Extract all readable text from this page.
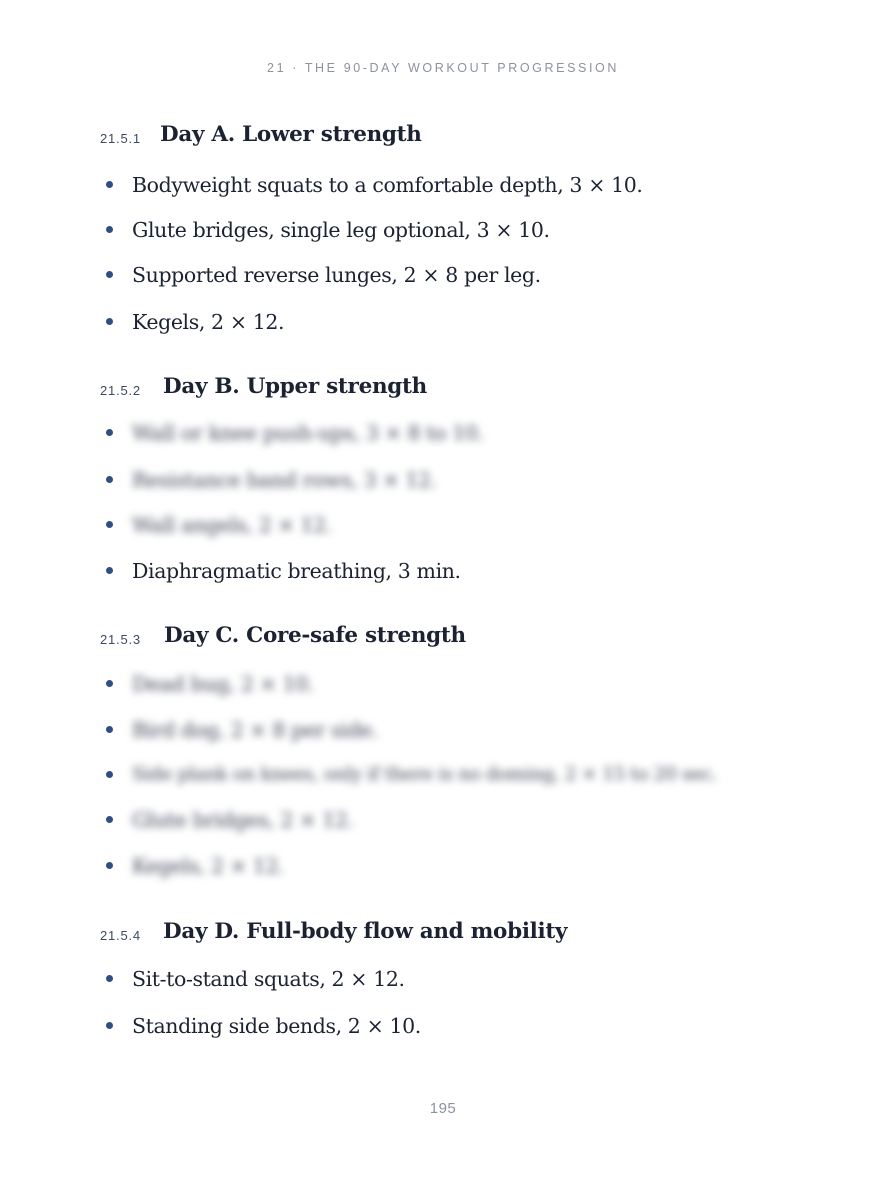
21 · THE 90-DAY WORKOUT PROGRESSION
21.5.1 Day A. Lower strength
Bodyweight squats to a comfortable depth, 3 × 10.
Glute bridges, single leg optional, 3 × 10.
Supported reverse lunges, 2 × 8 per leg.
Kegels, 2 × 12.
21.5.2 Day B. Upper strength
Wall or knee push-ups, 3 × 8 to 10.
Resistance band rows, 3 × 12.
Wall angels, 2 × 12.
Diaphragmatic breathing, 3 min.
21.5.3 Day C. Core-safe strength
Dead bug, 2 × 10.
Bird dog, 2 × 8 per side.
Side plank on knees, only if there is no doming, 2 × 15 to 20 sec.
Glute bridges, 2 × 12.
Kegels, 2 × 12.
21.5.4 Day D. Full-body flow and mobility
Sit-to-stand squats, 2 × 12.
Standing side bends, 2 × 10.
195
